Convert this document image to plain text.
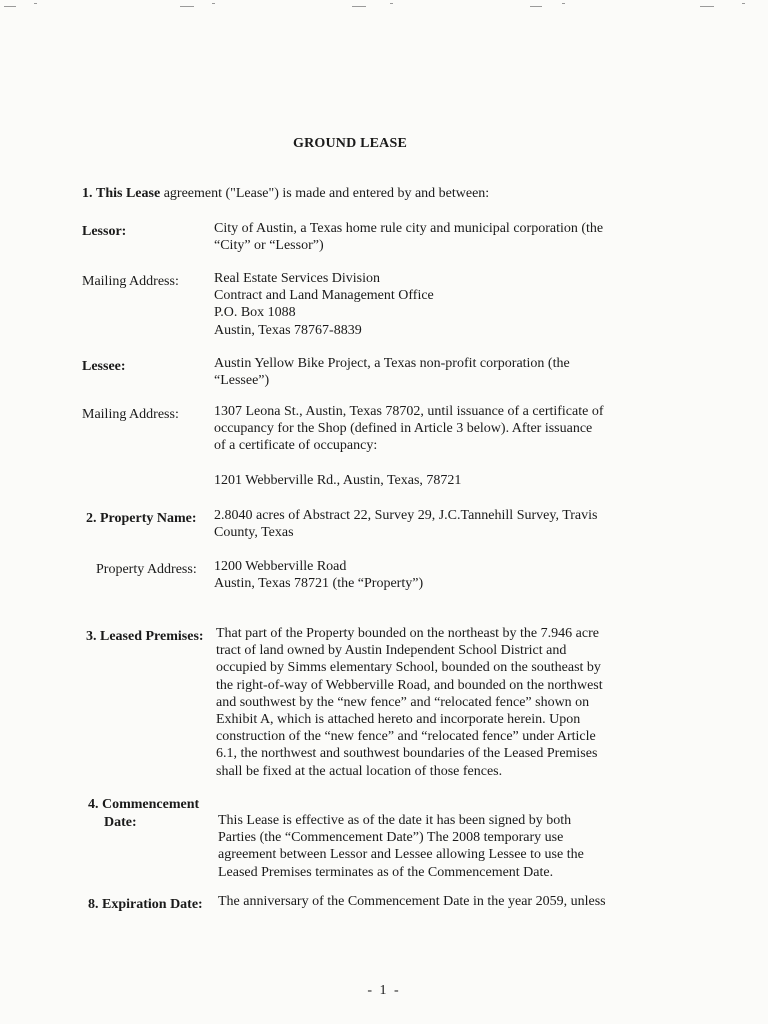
GROUND LEASE
1. This Lease agreement ("Lease") is made and entered by and between:
Lessor:	City of Austin, a Texas home rule city and municipal corporation (the

“City” or “Lessor”)

Mailing Address:	Real Estate Services Division

Contract and Land Management Office

P.O. Box 1088

Austin, Texas 78767-8839

Lessee:	Austin Yellow Bike Project, a Texas non-profit corporation (the

“Lessee”)

Mailing Address:	1307 Leona St., Austin, Texas 78702, until issuance of a certificate of

occupancy for the Shop (defined in Article 3 below). After issuance

of a certificate of occupancy:

1201 Webberville Rd., Austin, Texas, 78721

2. Property Name: 2.8040 acres of Abstract 22, Survey 29, J.C.Tannehill Survey, Travis

County, Texas

Property Address: 1200 Webberville Road

Austin, Texas 78721 (the “Property”)

3. Leased Premises: That part of the Property bounded on the northeast by the 7.946 acre

tract of land owned by Austin Independent School District and

occupied by Simms elementary School, bounded on the southeast by

the right-of-way of Webberville Road, and bounded on the northwest

and southwest by the “new fence” and “relocated fence” shown on

Exhibit A, which is attached hereto and incorporate herein. Upon

construction of the “new fence” and “relocated fence” under Article

6.1, the northwest and southwest boundaries of the Leased Premises

shall be fixed at the actual location of those fences.

4. Commencement
Date:	This Lease is effective as of the date it has been signed by both

Parties (the “Commencement Date”) The 2008 temporary use

agreement between Lessor and Lessee allowing Lessee to use the

Leased Premises terminates as of the Commencement Date.

8. Expiration Date: The anniversary of the Commencement Date in the year 2059, unless

- 1 -
